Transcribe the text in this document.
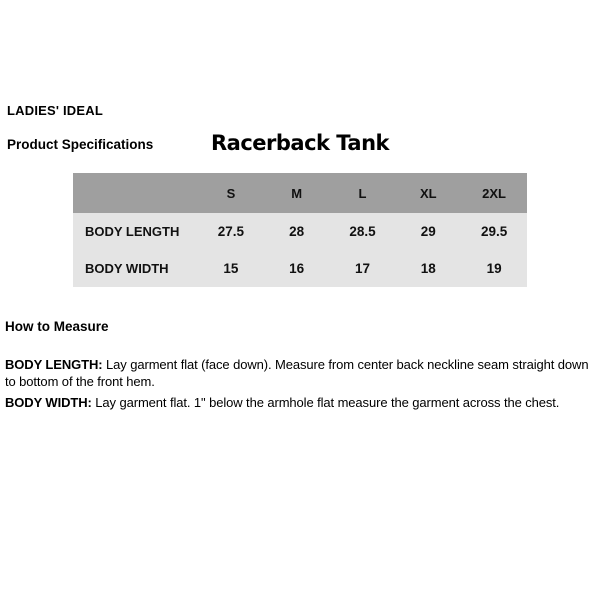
LADIES' IDEAL
Racerback Tank
Product Specifications
S	M	L	XL	2XL
BODY LENGTH	27.5	28	28.5	29	29.5
BODY WIDTH	15	16	17	18	19
How to Measure

BODY LENGTH: Lay garment flat (face down). Measure from center back neckline seam straight down to bottom of the front hem.

BODY WIDTH: Lay garment flat. 1" below the armhole flat measure the garment across the chest.
